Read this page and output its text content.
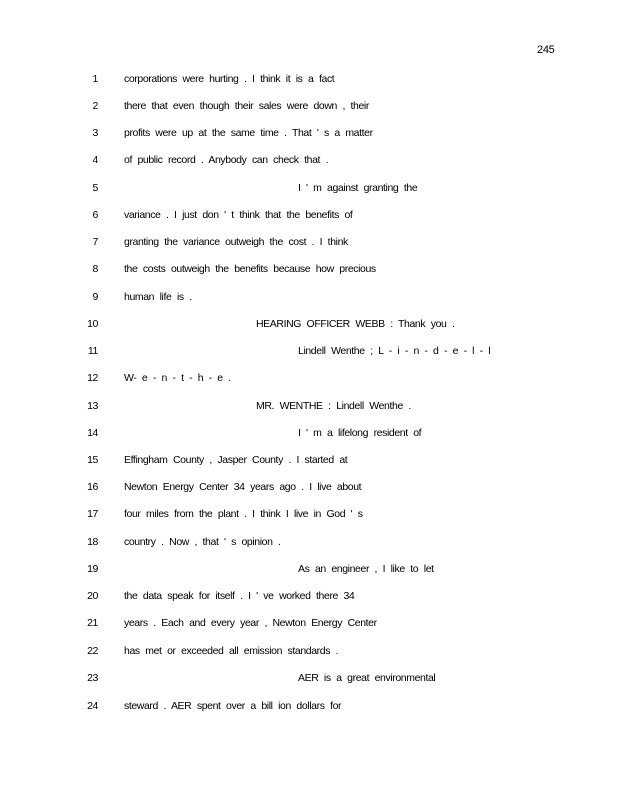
245
1 corporations were hurting . I think it is a fact
2 there that even though their sales were down , their
3 profits were up at the same time . That ' s a matter
4 of public record . Anybody can check that .
5	I ' m against granting the
6 variance . I just don ' t think that the benefits of
7 granting the variance outweigh the cost . I think
8 the costs outweigh the benefits because how precious
9 human life is .
10	HEARING OFFICER WEBB : Thank you .
11	Lindell Wenthe ; L - i - n - d - e - l - l
12 W- e - n - t - h - e .
13	MR. WENTHE : Lindell Wenthe .
14	I ' m a lifelong resident of
15 Effingham County , Jasper County . I started at
16 Newton Energy Center 34 years ago . I live about
17 four miles from the plant . I think I live in God ' s
18 country . Now , that ' s opinion .
19	As an engineer , I like to let
20 the data speak for itself . I ' ve worked there 34
21 years . Each and every year , Newton Energy Center
22 has met or exceeded all emission standards .
23	AER is a great environmental
24 steward . AER spent over a bill ion dollars for
